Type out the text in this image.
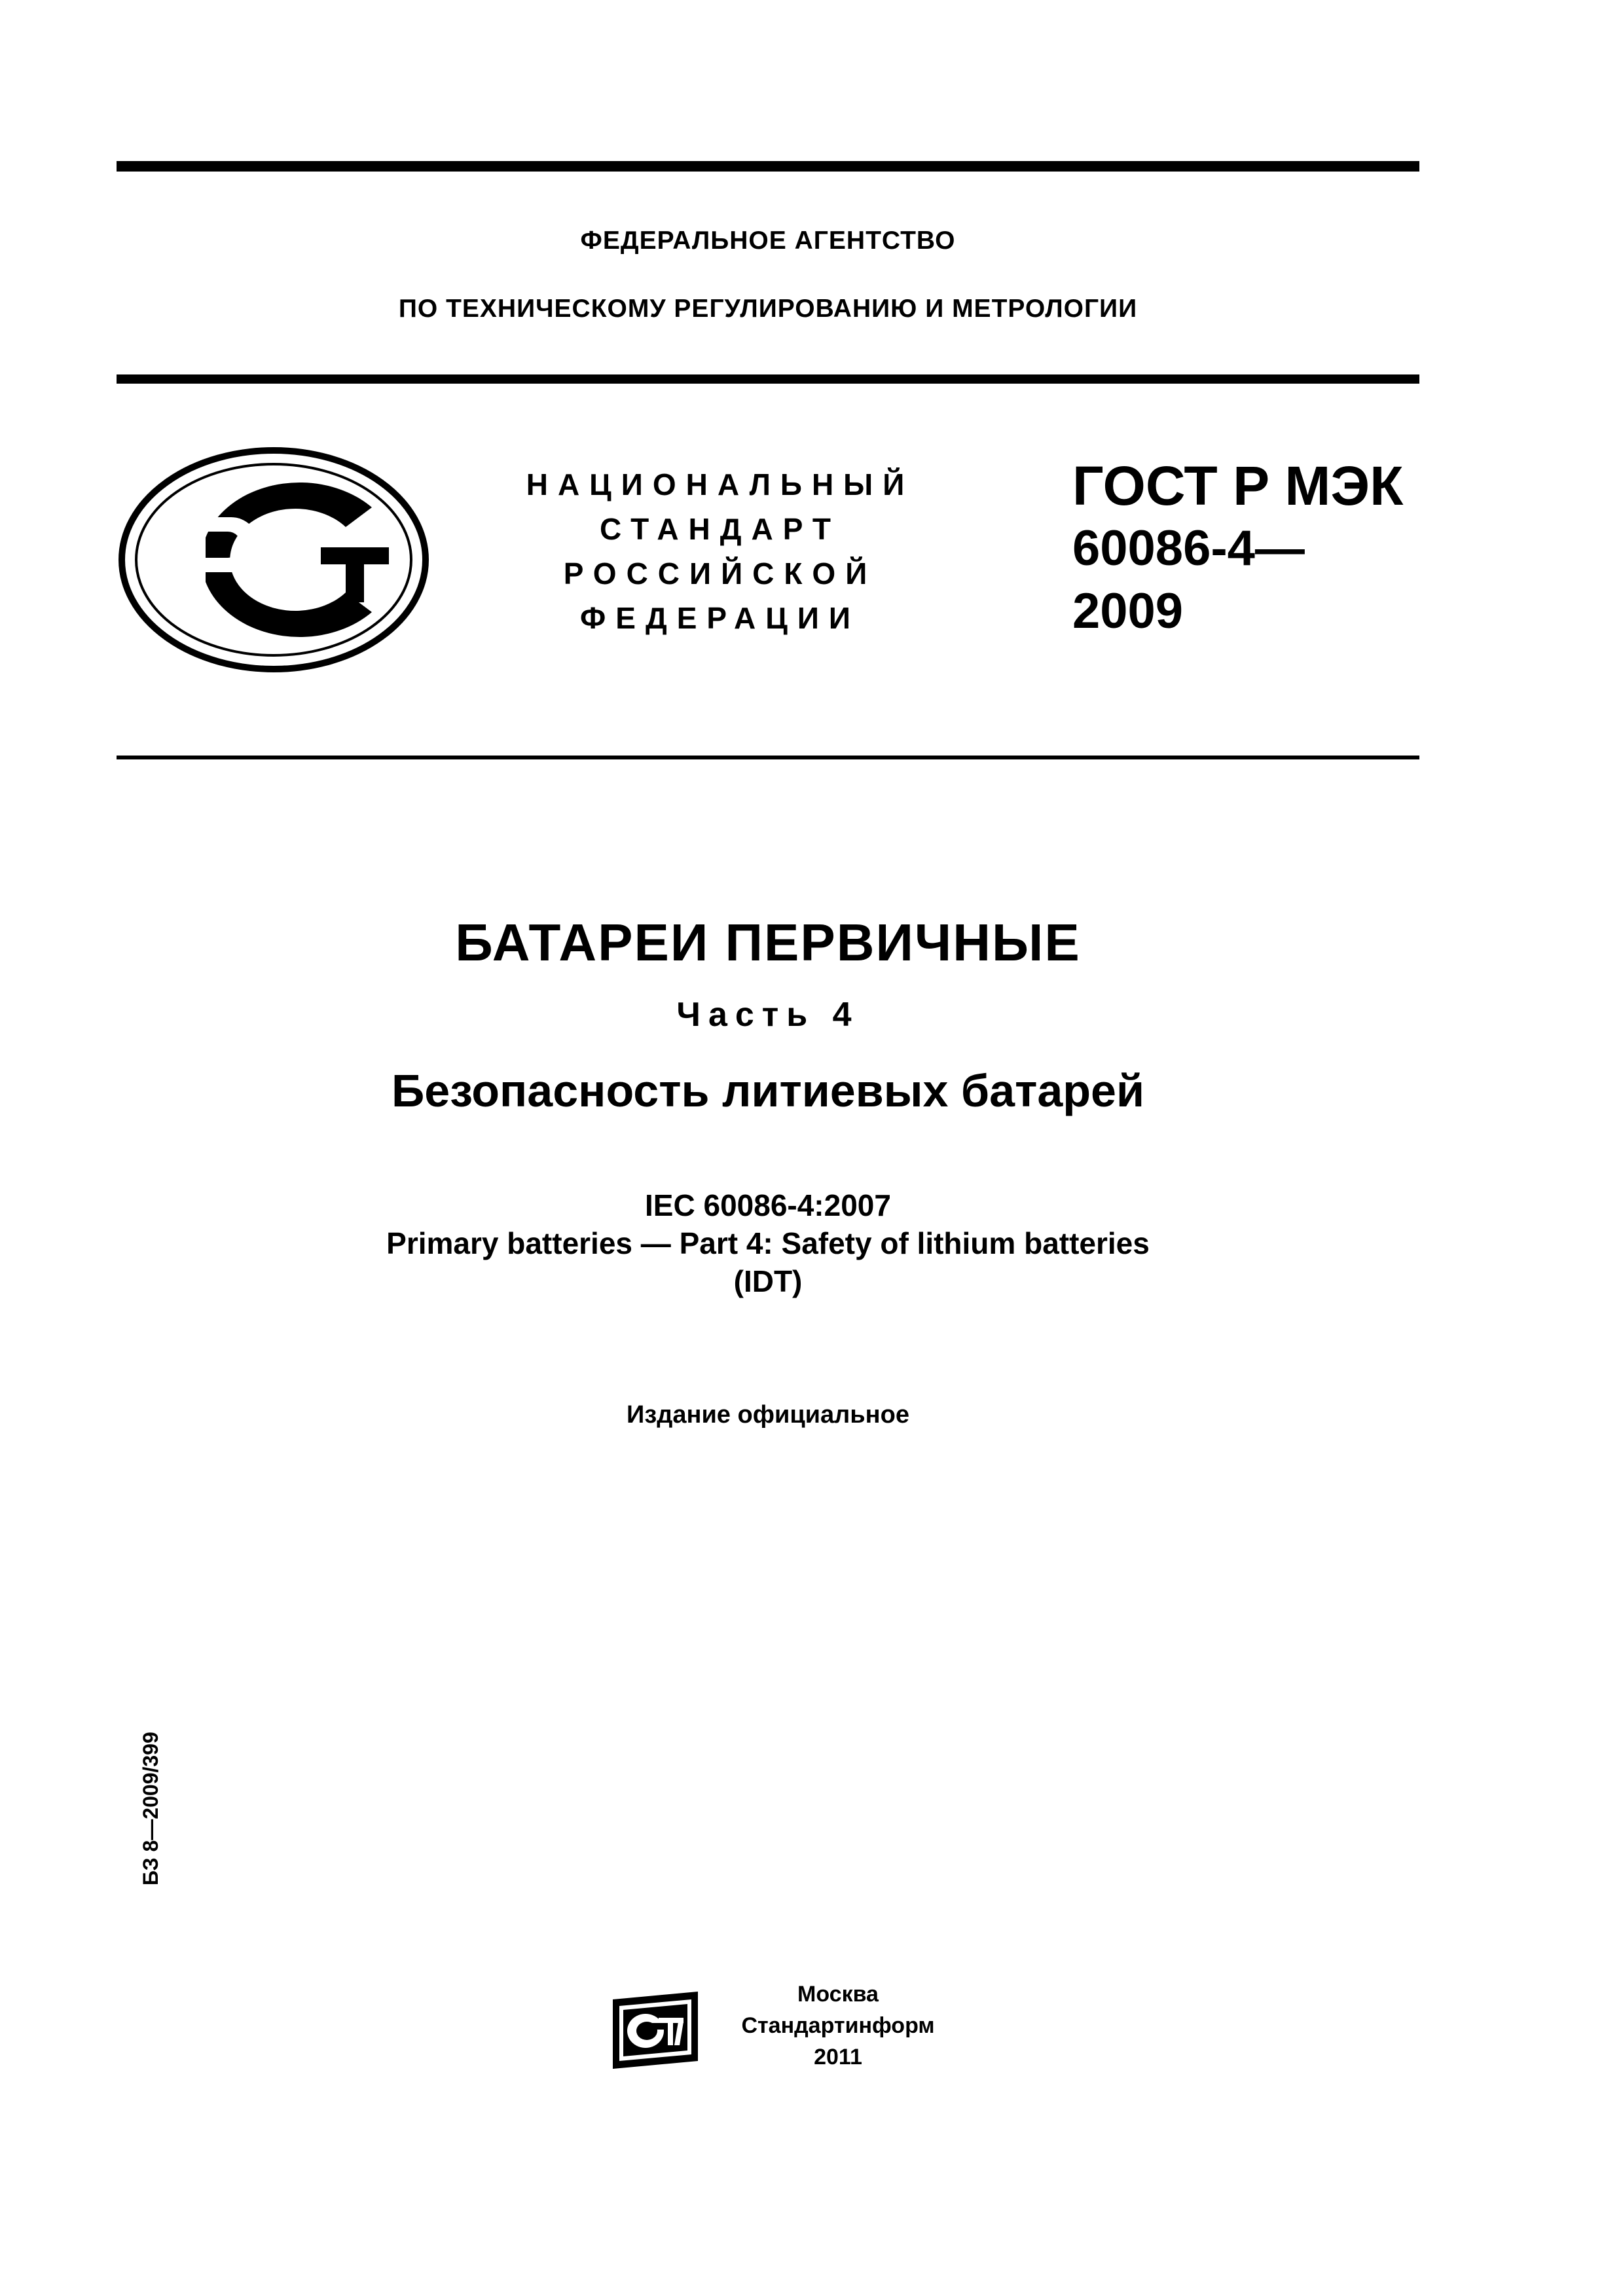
ФЕДЕРАЛЬНОЕ АГЕНТСТВО
ПО ТЕХНИЧЕСКОМУ РЕГУЛИРОВАНИЮ И МЕТРОЛОГИИ
НАЦИОНАЛЬНЫЙ
СТАНДАРТ
РОССИЙСКОЙ
ФЕДЕРАЦИИ
ГОСТ Р МЭК
60086-4—
2009
БАТАРЕИ ПЕРВИЧНЫЕ
Часть 4
Безопасность литиевых батарей
IEC 60086-4:2007
Primary batteries — Part 4: Safety of lithium batteries
(IDT)
Издание официальное
БЗ 8—2009/399
Москва
Стандартинформ
2011
